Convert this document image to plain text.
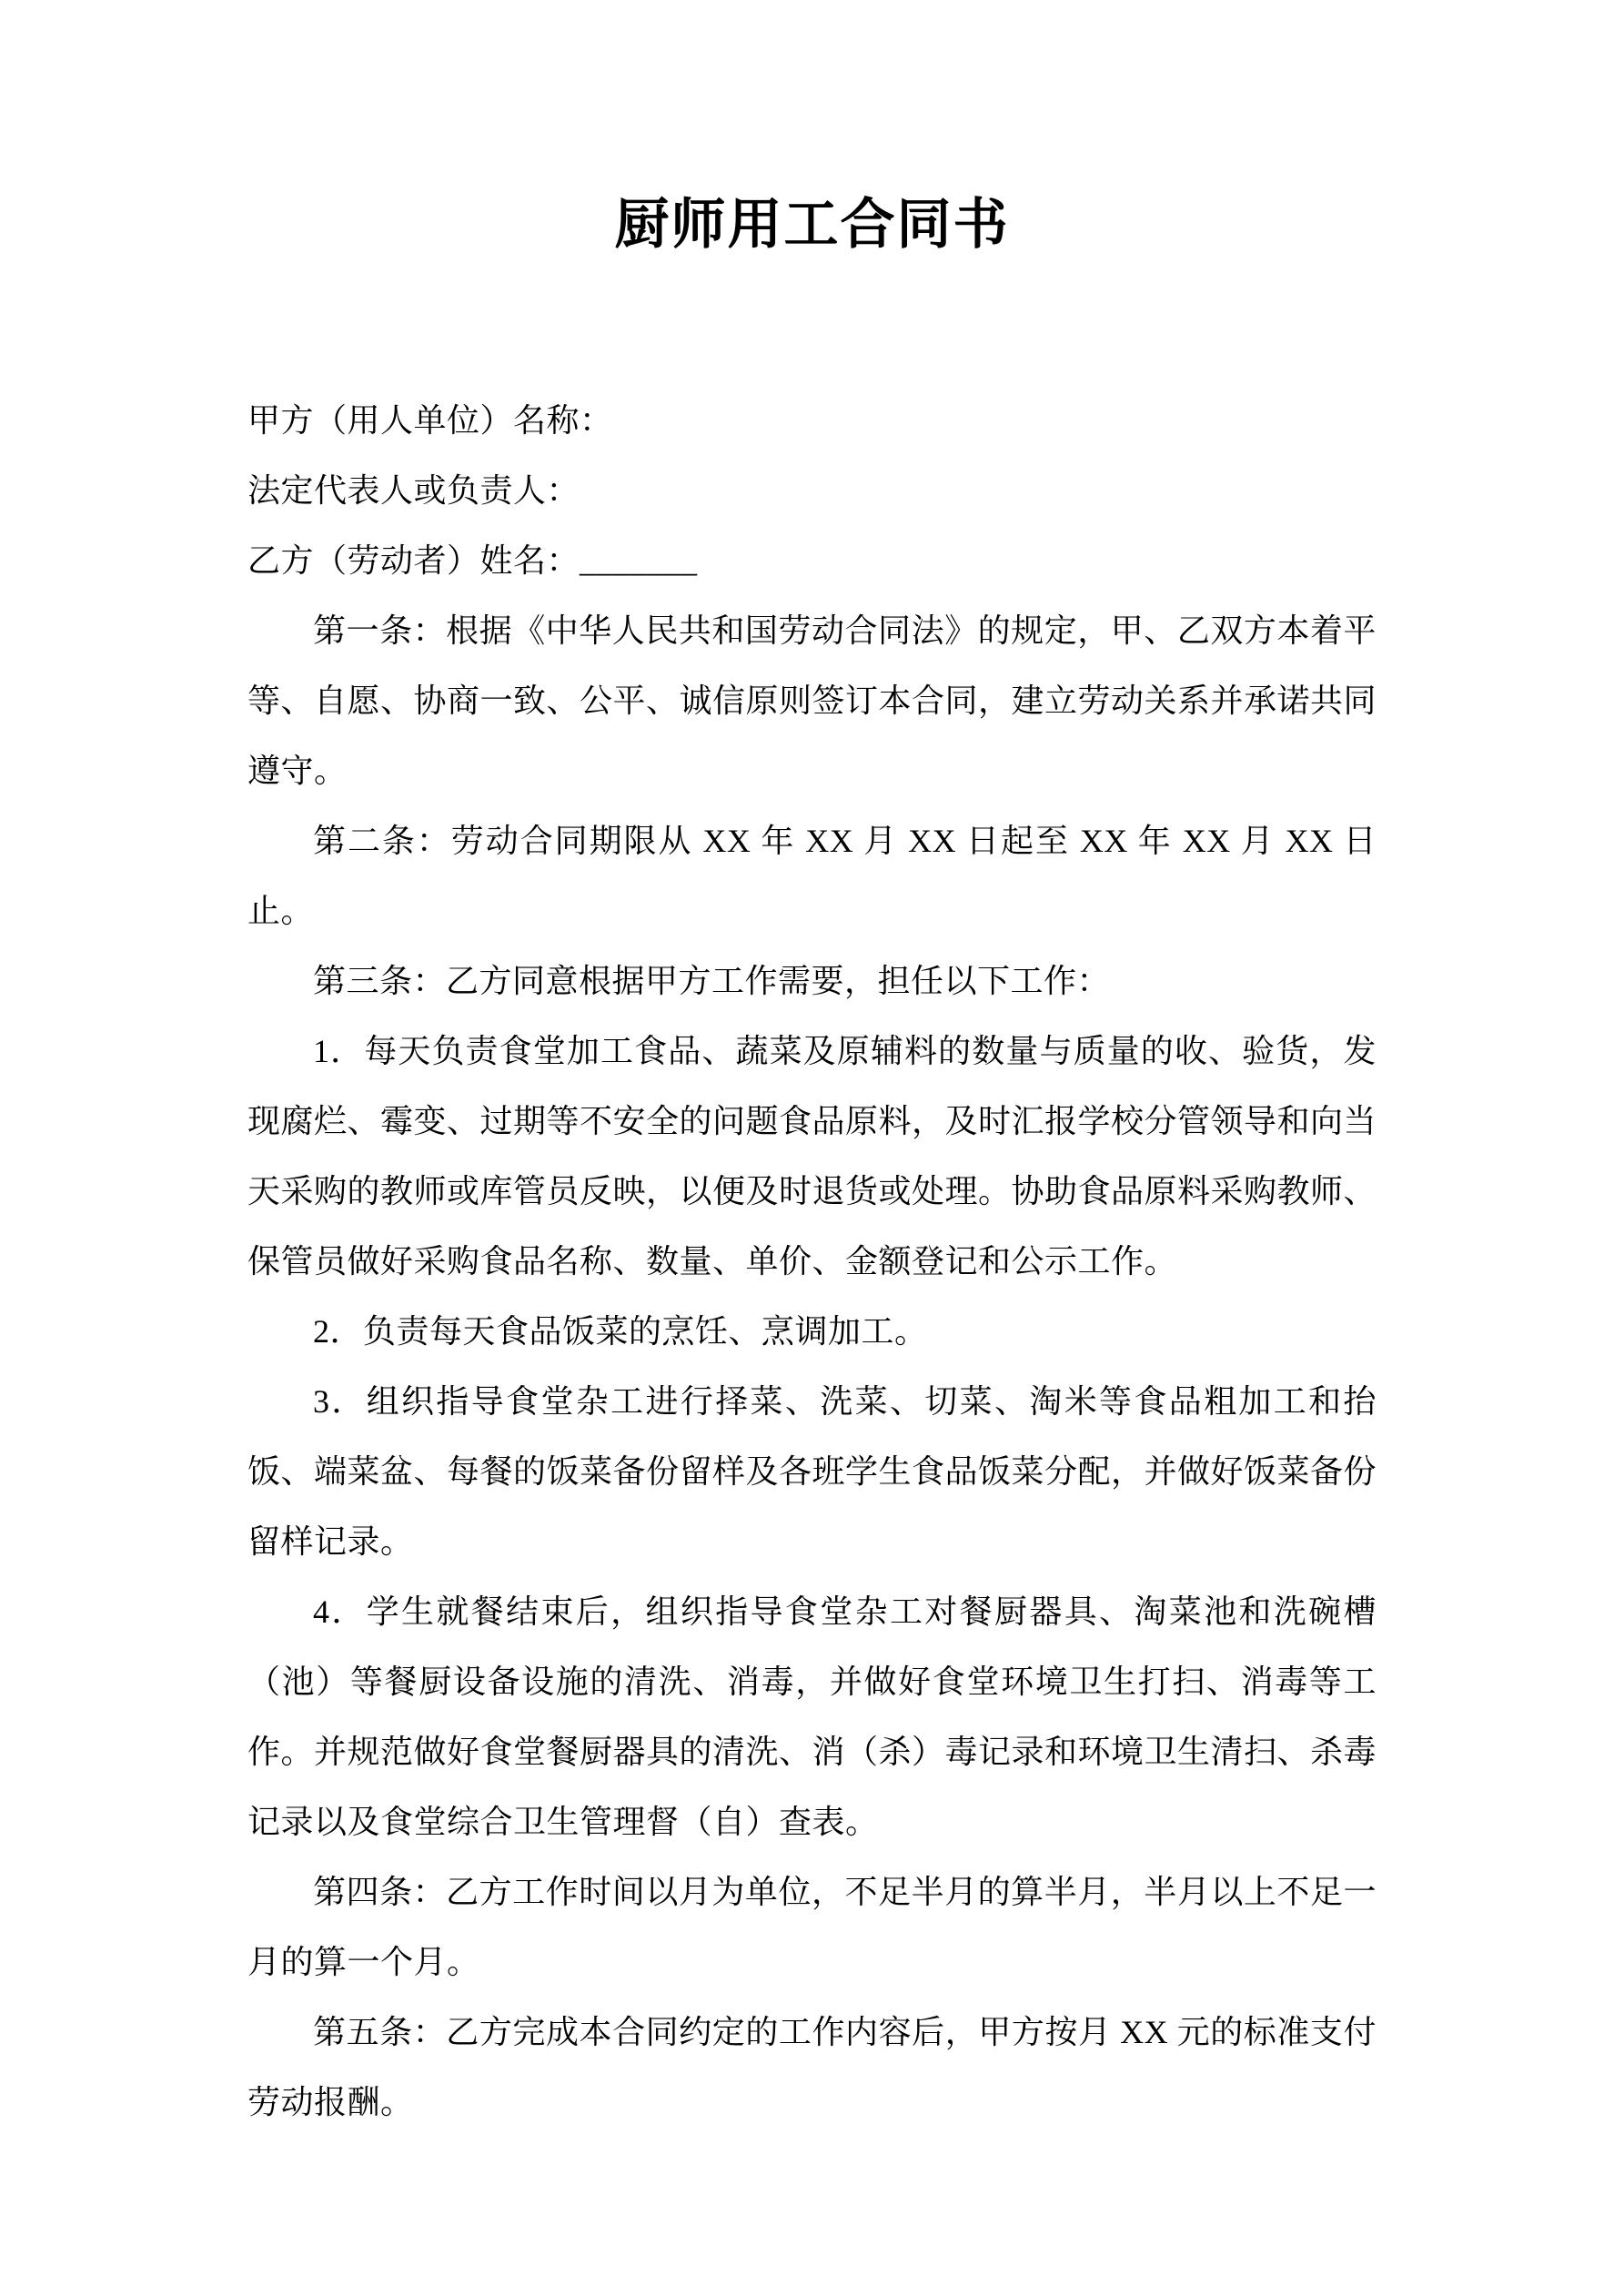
厨师用工合同书

甲方（用人单位）名称：

法定代表人或负责人：

乙方（劳动者）姓名：_______

第一条：根据《中华人民共和国劳动合同法》的规定，甲、乙双方本着平等、自愿、协商一致、公平、诚信原则签订本合同，建立劳动关系并承诺共同遵守。

第二条：劳动合同期限从 XX 年 XX 月 XX 日起至 XX 年 XX 月 XX 日止。

第三条：乙方同意根据甲方工作需要，担任以下工作：

1．每天负责食堂加工食品、蔬菜及原辅料的数量与质量的收、验货，发现腐烂、霉变、过期等不安全的问题食品原料，及时汇报学校分管领导和向当天采购的教师或库管员反映，以便及时退货或处理。协助食品原料采购教师、保管员做好采购食品名称、数量、单价、金额登记和公示工作。

2．负责每天食品饭菜的烹饪、烹调加工。

3．组织指导食堂杂工进行择菜、洗菜、切菜、淘米等食品粗加工和抬饭、端菜盆、每餐的饭菜备份留样及各班学生食品饭菜分配，并做好饭菜备份留样记录。

4．学生就餐结束后，组织指导食堂杂工对餐厨器具、淘菜池和洗碗槽（池）等餐厨设备设施的清洗、消毒，并做好食堂环境卫生打扫、消毒等工作。并规范做好食堂餐厨器具的清洗、消（杀）毒记录和环境卫生清扫、杀毒记录以及食堂综合卫生管理督（自）查表。

第四条：乙方工作时间以月为单位，不足半月的算半月，半月以上不足一月的算一个月。

第五条：乙方完成本合同约定的工作内容后，甲方按月 XX 元的标准支付劳动报酬。
